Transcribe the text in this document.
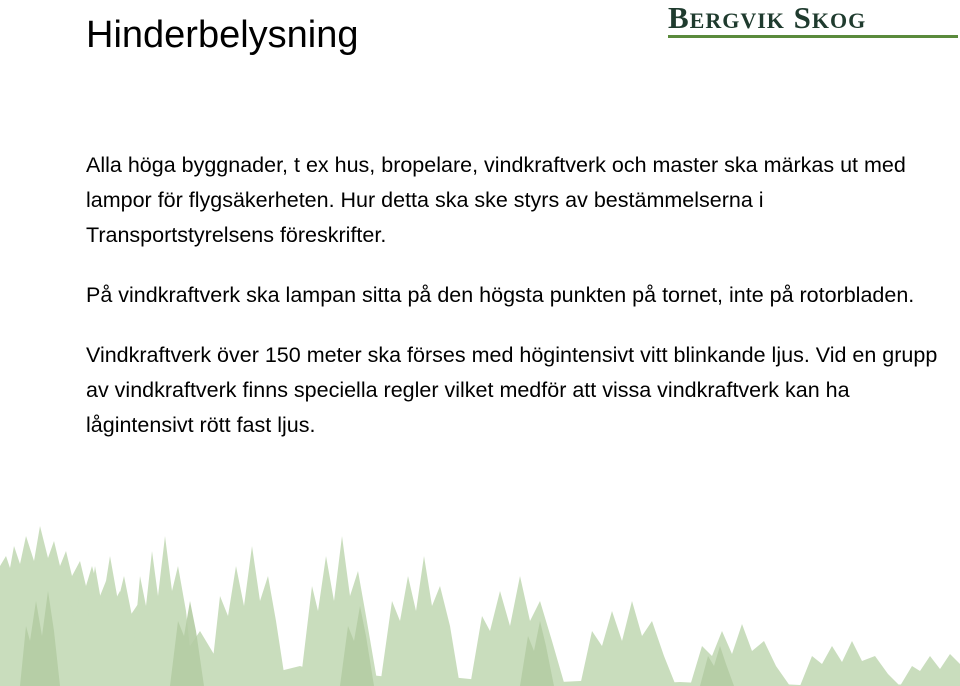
Hinderbelysning	Bergvik Skog

Alla höga byggnader, t ex hus, bropelare, vindkraftverk och master ska märkas ut med lampor för flygsäkerheten. Hur detta ska ske styrs av bestämmelserna i Transportstyrelsens föreskrifter.

På vindkraftverk ska lampan sitta på den högsta punkten på tornet, inte på rotorbladen.

Vindkraftverk över 150 meter ska förses med högintensivt vitt blinkande ljus. Vid en grupp av vindkraftverk finns speciella regler vilket medför att vissa vindkraftverk kan ha lågintensivt rött fast ljus.
